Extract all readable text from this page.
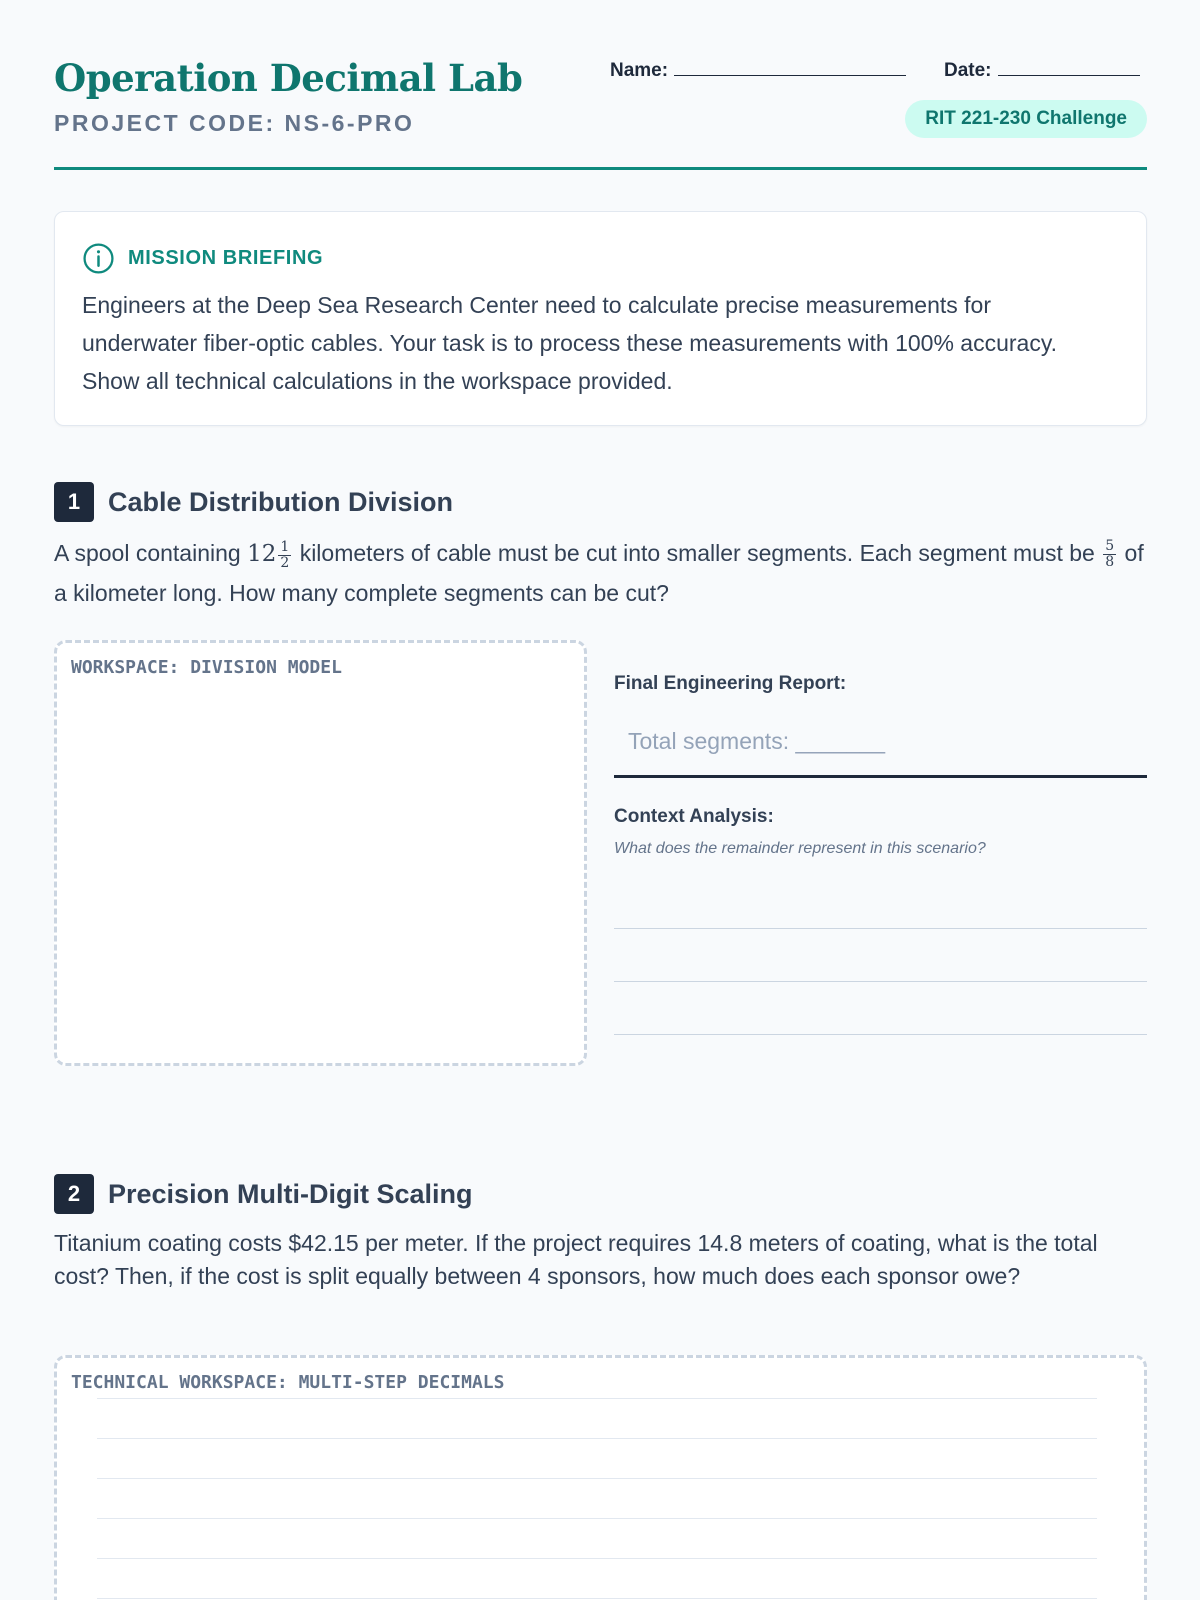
Operation Decimal Lab
PROJECT CODE: NS-6-PRO
Name:	Date:
RIT 221-230 Challenge
MISSION BRIEFING

Engineers at the Deep Sea Research Center need to calculate precise measurements for underwater fiber-optic cables. Your task is to process these measurements with 100% accuracy. Show all technical calculations in the workspace provided.

1	Cable Distribution Division
A spool containing $12 \frac{1}{2}$ kilometers of cable must be cut into smaller segments. Each segment must be $\frac{5}{8}$ of a kilometer long. How many complete segments can be cut?
WORKSPACE: DIVISION MODEL
Final Engineering Report:
Total segments: _______
Context Analysis:
What does the remainder represent in this scenario?
2	Precision Multi-Digit Scaling

Titanium coating costs $42.15 per meter. If the project requires 14.8 meters of coating, what is the total cost? Then, if the cost is split equally between 4 sponsors, how much does each sponsor owe?

TECHNICAL WORKSPACE: MULTI-STEP DECIMALS
